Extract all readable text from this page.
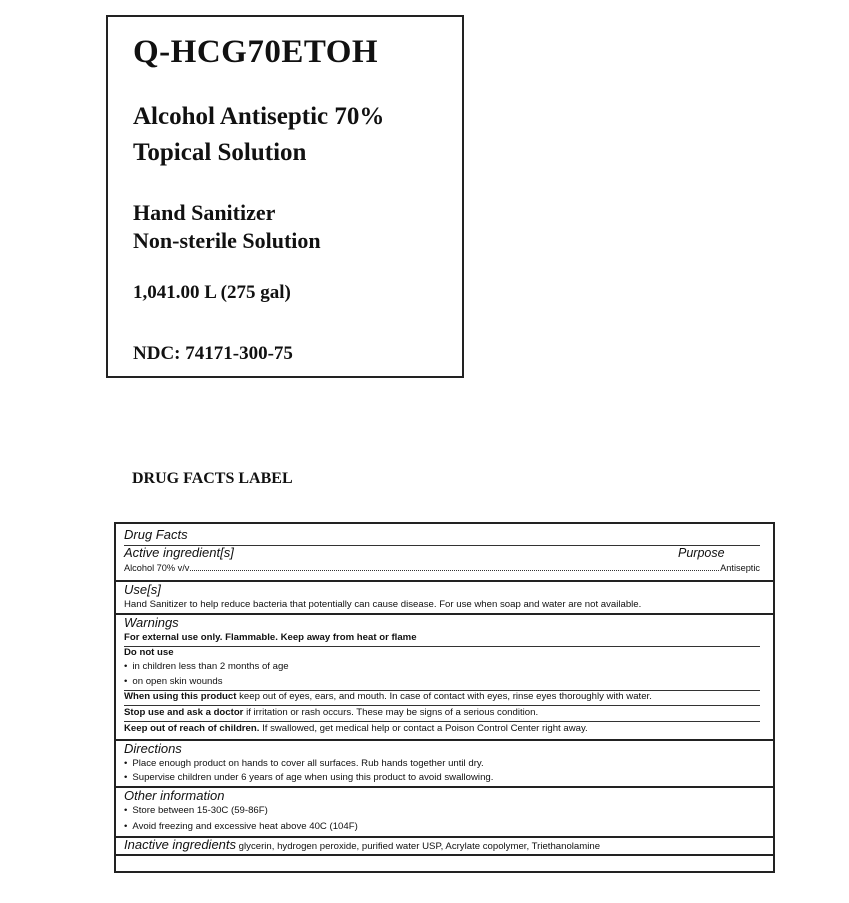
Q-HCG70ETOH
Alcohol Antiseptic 70%
Topical Solution
Hand Sanitizer
Non-sterile Solution
1,041.00 L (275 gal)
NDC: 74171-300-75
DRUG FACTS LABEL
Drug Facts
Active ingredient[s]	Purpose
Alcohol 70% v/v	Antiseptic
Use[s]
Hand Sanitizer to help reduce bacteria that potentially can cause disease. For use when soap and water are not available.
Warnings
For external use only. Flammable. Keep away from heat or flame
Do not use
• in children less than 2 months of age
• on open skin wounds
When using this product keep out of eyes, ears, and mouth. In case of contact with eyes, rinse eyes thoroughly with water.
Stop use and ask a doctor if irritation or rash occurs. These may be signs of a serious condition.
Keep out of reach of children. If swallowed, get medical help or contact a Poison Control Center right away.
Directions
• Place enough product on hands to cover all surfaces. Rub hands together until dry.
• Supervise children under 6 years of age when using this product to avoid swallowing.
Other information
• Store between 15-30C (59-86F)
• Avoid freezing and excessive heat above 40C (104F)
Inactive ingredients glycerin, hydrogen peroxide, purified water USP, Acrylate copolymer, Triethanolamine
